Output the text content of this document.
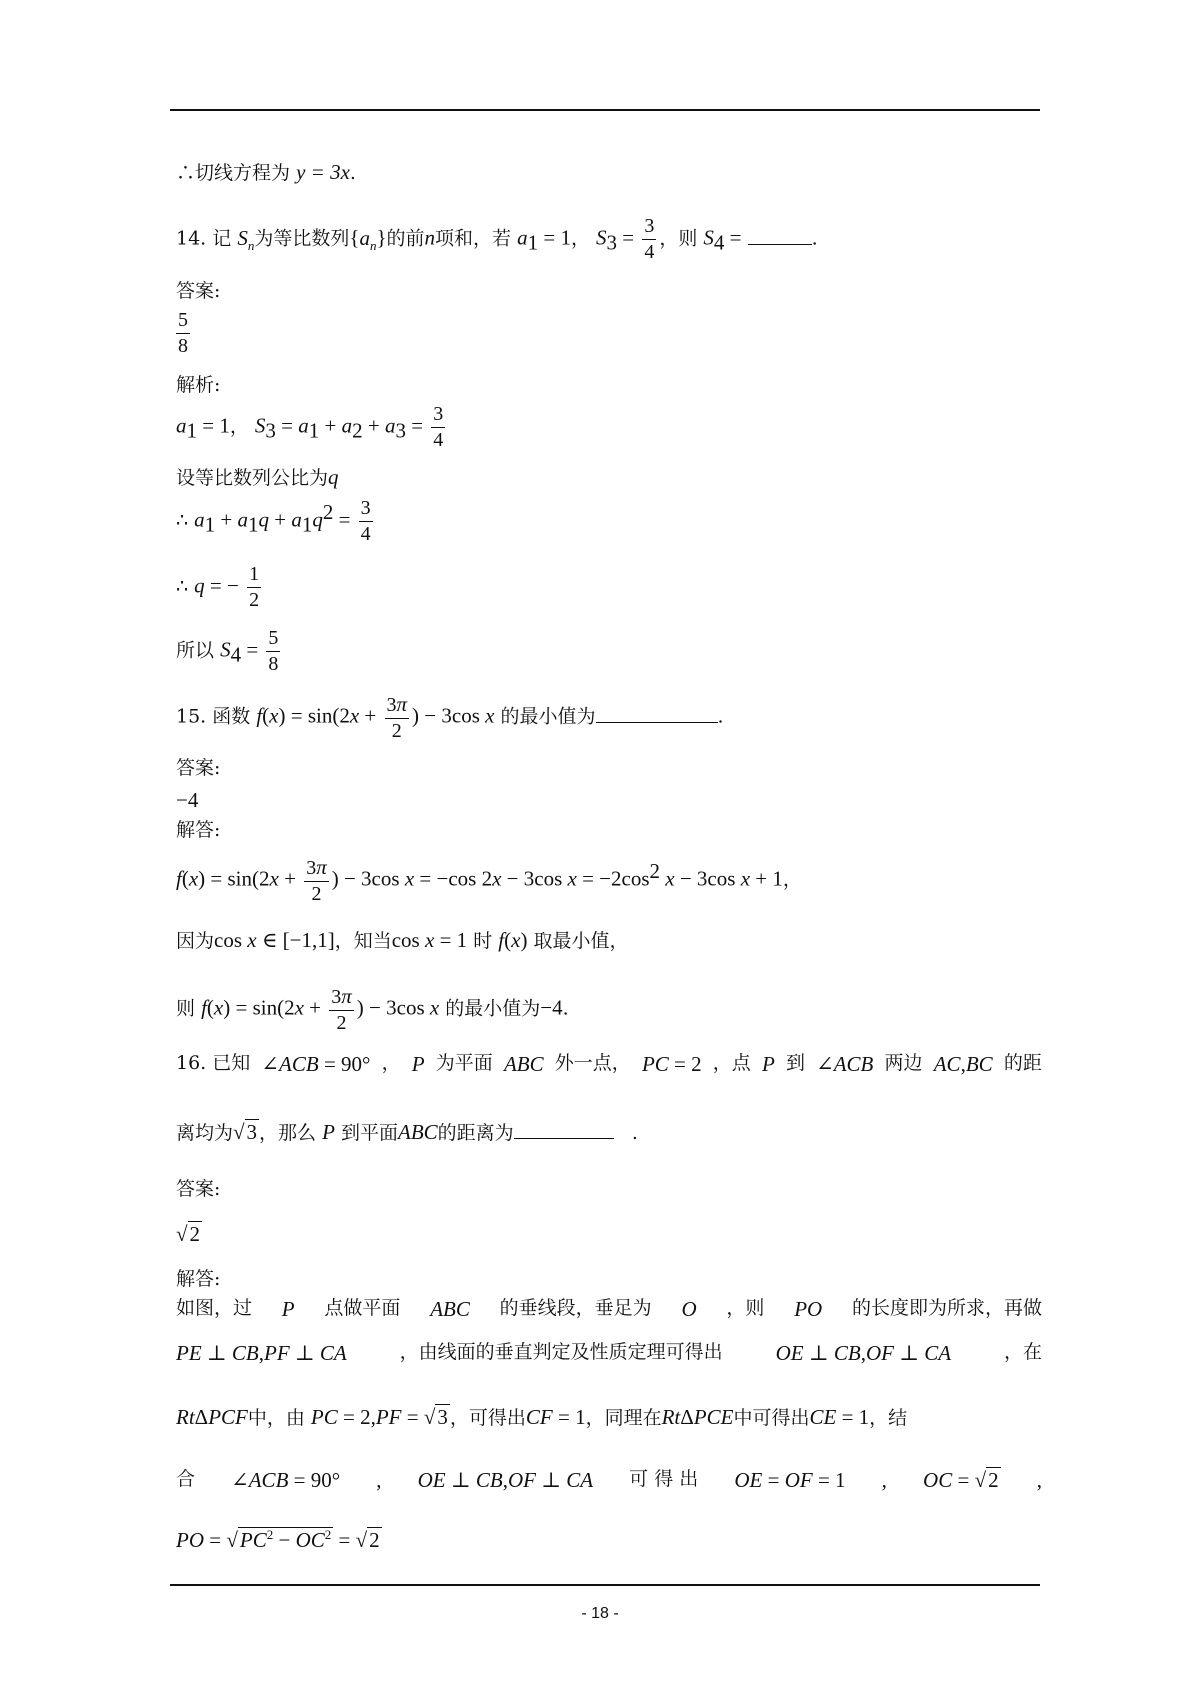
∴切线方程为 y = 3x.
14. 记 $S_n$为等比数列$\{a_n\}$的前n项和，若 $a_1 = 1$， $S_3 = \frac{3}{4}$ ，则 $S_4$ =	.
答案:
$\frac{5}{8}$
解析:
$a_1 = 1$， $S_3 = a_1 + a_2 + a_3 = \frac{3}{4}$
设等比数列公比为q
∴ $a_1 + a_1q + a_1q^2 = \frac{3}{4}$
∴ q = − $\frac{1}{2}$
所以 $S_4 = \frac{5}{8}$
15. 函数 $f(x) = \sin(2x + \frac{3\pi}{2}$ ) − 3cos x 的最小值为	.
答案:
−4
解答:
$f(x) = \sin(2x + \frac{3\pi}{2}$ ) − 3cos x = −cos 2x − 3cos $x = -2\cos^2$ x − 3cos x + 1，
因为cos x ∈ [−1,1]，知当cos x = 1 时 f(x) 取最小值，
则 $f(x) = \sin(2x + \frac{3\pi}{2}$ ) − 3cos x 的最小值为−4.
16. 已知 ∠ACB = 90° ， P 为平面 ABC 外一点， PC = 2 ，点 P 到 ∠ACB 两边 AC,BC 的距
离均为√3 ，那么 P 到平面ABC的距离为	.
答案:
√2
解答:
如图，过 P 点做平面 ABC 的垂线段，垂足为 O ，则 PO 的长度即为所求，再做
PE ⊥ CB,PF ⊥ CA	，由线面的垂直判定及性质定理可得出	OE ⊥ CB,OF ⊥ CA	，在
RtΔPCF中，由 PC = 2,PF = √3 ，可得出CF = 1，同理在RtΔPCE中可得出CE = 1，结
合 ∠ACB = 90° , OE ⊥ CB,OF ⊥ CA 可 得 出 OE = OF = 1 , OC = √2 ,
PO = $√PC^2 - OC^2 = √2$
- 18 -
